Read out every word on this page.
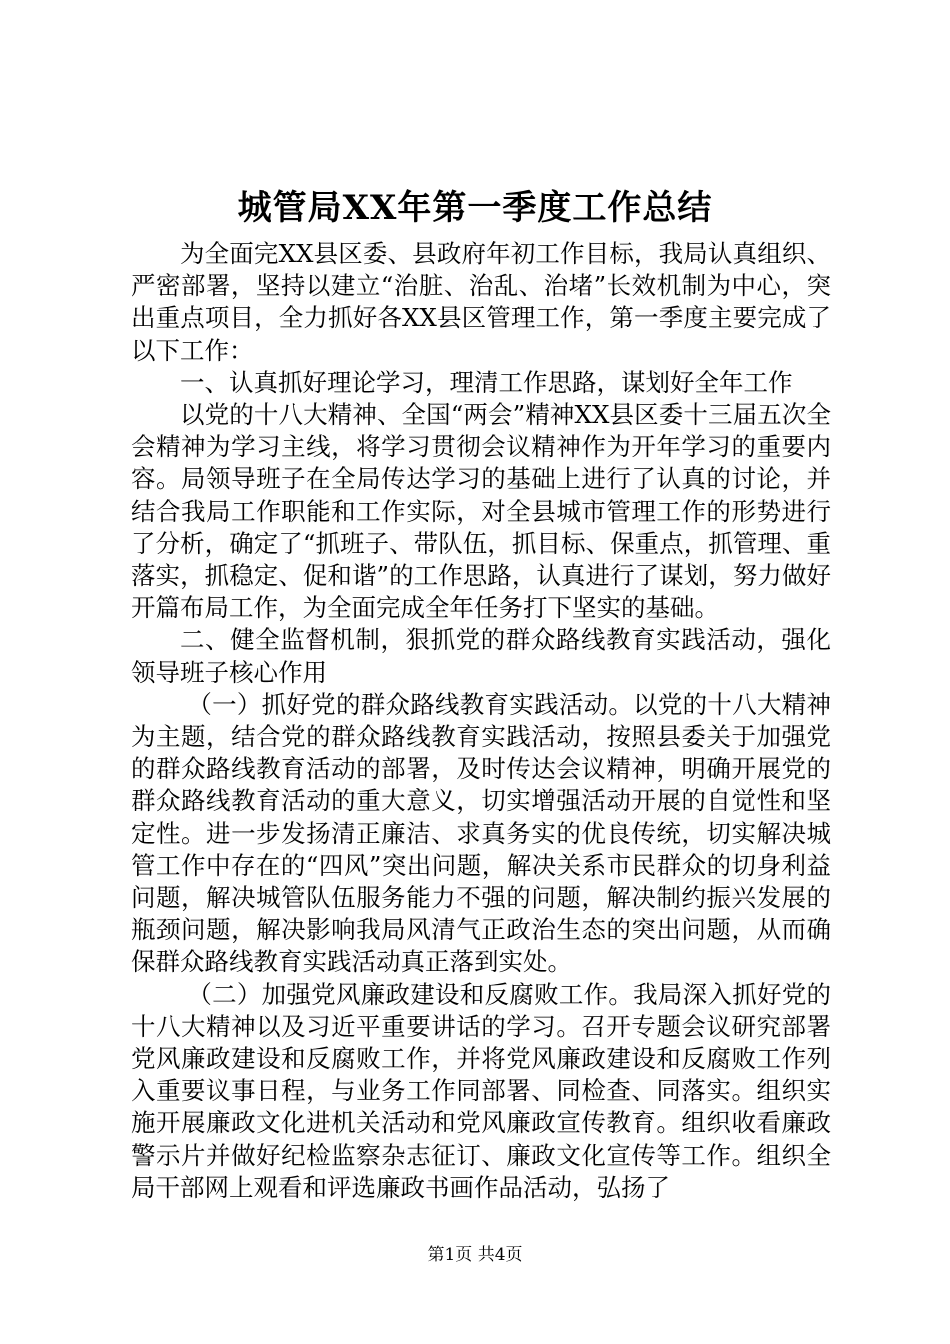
城管局XX年第一季度工作总结

为全面完XX县区委、县政府年初工作目标，我局认真组织、严密部署，坚持以建立“治脏、治乱、治堵”长效机制为中心，突出重点项目，全力抓好各XX县区管理工作，第一季度主要完成了以下工作：

一、认真抓好理论学习，理清工作思路，谋划好全年工作

以党的十八大精神、全国“两会”精神XX县区委十三届五次全会精神为学习主线，将学习贯彻会议精神作为开年学习的重要内容。局领导班子在全局传达学习的基础上进行了认真的讨论，并结合我局工作职能和工作实际，对全县城市管理工作的形势进行了分析，确定了“抓班子、带队伍，抓目标、保重点，抓管理、重落实，抓稳定、促和谐”的工作思路，认真进行了谋划，努力做好开篇布局工作，为全面完成全年任务打下坚实的基础。

二、健全监督机制，狠抓党的群众路线教育实践活动，强化领导班子核心作用

（一）抓好党的群众路线教育实践活动。以党的十八大精神为主题，结合党的群众路线教育实践活动，按照县委关于加强党的群众路线教育活动的部署，及时传达会议精神，明确开展党的群众路线教育活动的重大意义，切实增强活动开展的自觉性和坚定性。进一步发扬清正廉洁、求真务实的优良传统，切实解决城管工作中存在的“四风”突出问题，解决关系市民群众的切身利益问题，解决城管队伍服务能力不强的问题，解决制约振兴发展的瓶颈问题，解决影响我局风清气正政治生态的突出问题，从而确保群众路线教育实践活动真正落到实处。

（二）加强党风廉政建设和反腐败工作。我局深入抓好党的十八大精神以及习近平重要讲话的学习。召开专题会议研究部署党风廉政建设和反腐败工作，并将党风廉政建设和反腐败工作列入重要议事日程，与业务工作同部署、同检查、同落实。组织实施开展廉政文化进机关活动和党风廉政宣传教育。组织收看廉政警示片并做好纪检监察杂志征订、廉政文化宣传等工作。组织全局干部网上观看和评选廉政书画作品活动，弘扬了

第1页 共4页
